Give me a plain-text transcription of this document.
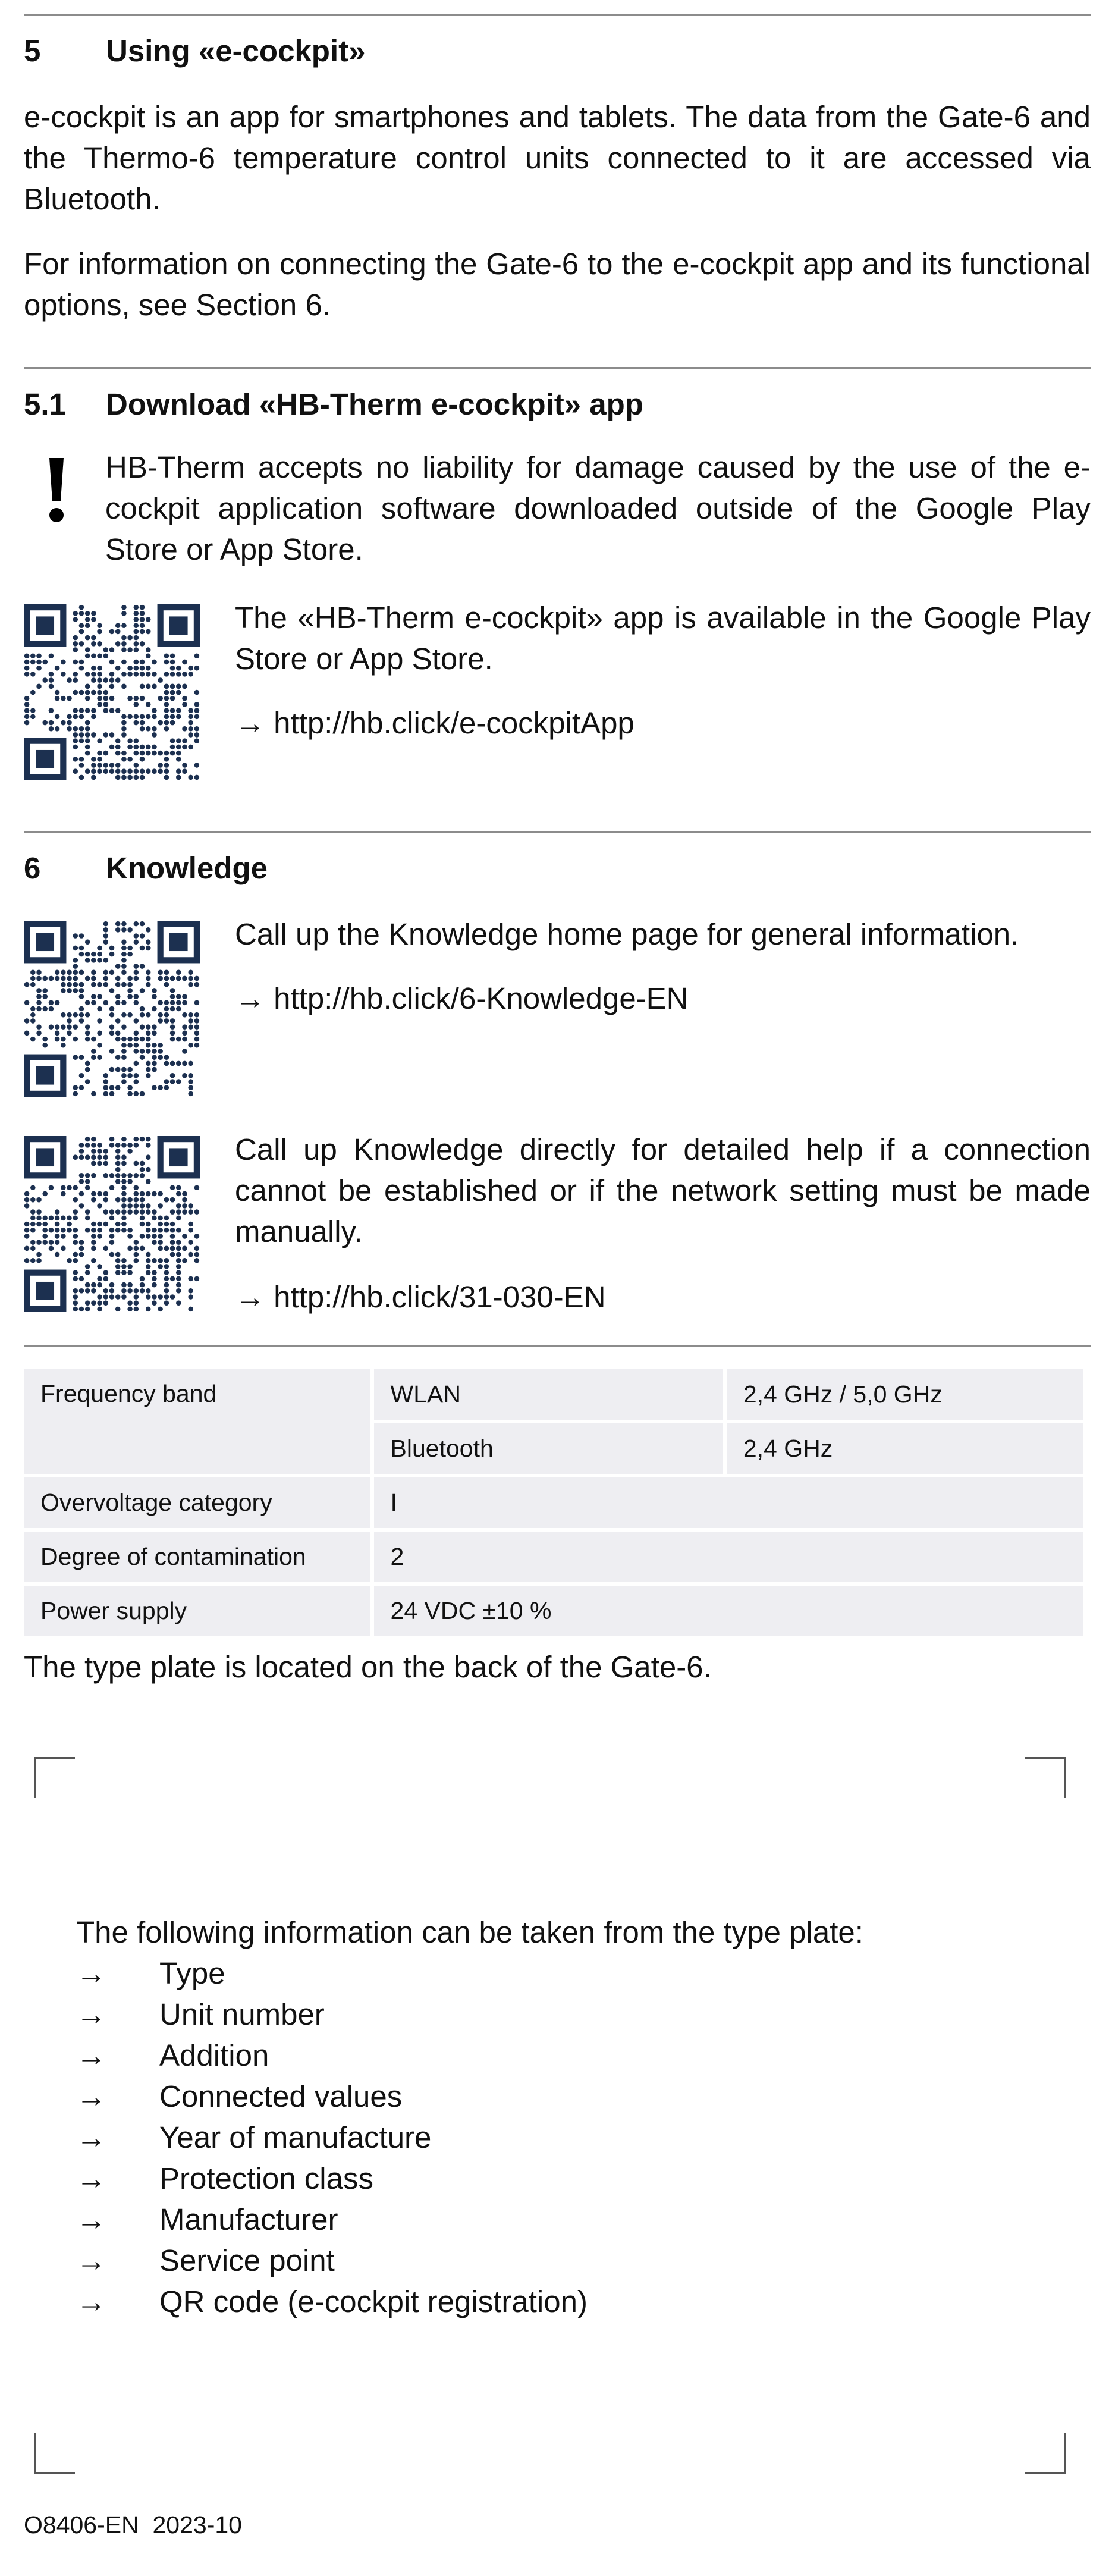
5 Using «e-cockpit»
e-cockpit is an app for smartphones and tablets. The data from the Gate-6 and the Thermo-6 temperature control units connected to it are accessed via Bluetooth.
For information on connecting the Gate-6 to the e-cockpit app and its functional options, see Section 6.
5.1 Download «HB-Therm e-cockpit» app
HB-Therm accepts no liability for damage caused by the use of the e-cockpit application software downloaded outside of the Google Play Store or App Store.
The «HB-Therm e-cockpit» app is available in the Google Play Store or App Store.
→ http://hb.click/e-cockpitApp
6 Knowledge
Call up the Knowledge home page for general information.
→ http://hb.click/6-Knowledge-EN
Call up Knowledge directly for detailed help if a connection cannot be established or if the network setting must be made manually.
→ http://hb.click/31-030-EN
Frequency band	WLAN	2,4 GHz / 5,0 GHz
	Bluetooth	2,4 GHz
Overvoltage category	I	
Degree of contamination	2	
Power supply	24 VDC ±10 %	
The type plate is located on the back of the Gate-6.
The following information can be taken from the type plate:
→ Type
→ Unit number
→ Addition
→ Connected values
→ Year of manufacture
→ Protection class
→ Manufacturer
→ Service point
→ QR code (e-cockpit registration)
O8406-EN  2023-10
